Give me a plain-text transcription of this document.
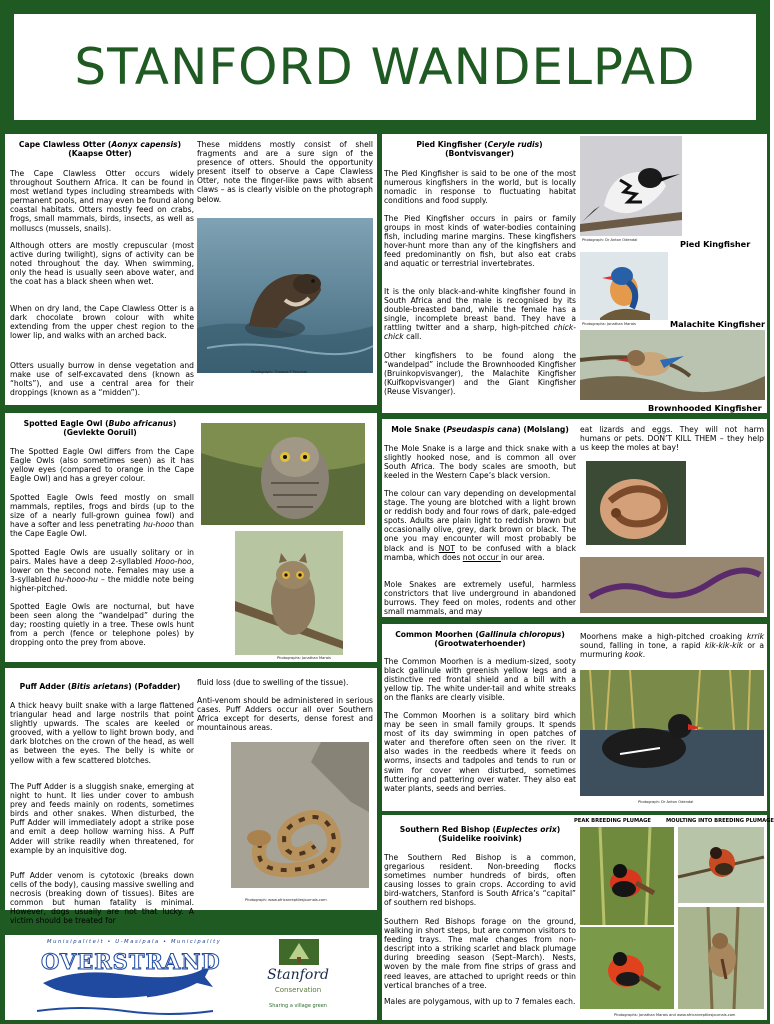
STANFORD WANDELPAD
Cape Clawless Otter (Aonyx capensis)
(Kaapse Otter)

The Cape Clawless Otter occurs widely throughout Southern Africa. It can be found in most wetland types including streambeds with permanent pools, and may even be found along coastal habitats. Otters mostly feed on crabs, frogs, small mammals, birds, insects, as well as molluscs (mussels, snails).

Although otters are mostly crepuscular (most active during twilight), signs of activity can be noted throughout the day. When swimming, only the head is usually seen above water, and the coat has a black sheen when wet.

When on dry land, the Cape Clawless Otter is a dark chocolate brown colour with white extending from the upper chest region to the lower lip, and walks with an arched back.

Otters usually burrow in dense vegetation and make use of self-excavated dens (known as “holts”), and use a central area for their droppings (known as a “midden”).

These middens mostly consist of shell fragments and are a sure sign of the presence of otters. Should the opportunity present itself to observe a Cape Clawless Otter, note the finger-like paws with absent claws – as is clearly visible on the photograph below.

Photograph: Thomas P Peschak
Pied Kingfisher (Ceryle rudis)
(Bontvisvanger)

The Pied Kingfisher is said to be one of the most numerous kingfishers in the world, but is locally nomadic in response to fluctuating habitat conditions and food supply.

The Pied Kingfisher occurs in pairs or family groups in most kinds of water-bodies containing fish, including marine margins. These kingfishers hover-hunt more than any of the kingfishers and feed predominantly on fish, but also eat crabs and aquatic or terrestrial invertebrates.

It is the only black-and-white kingfisher found in South Africa and the male is recognised by its double-breasted band, while the female has a single, incomplete breast band. They have a rattling twitter and a sharp, high-pitched chick-chick call.

Other kingfishers to be found along the “wandelpad” include the Brownhooded Kingfisher (Bruinkopvisvanger), the Malachite Kingfisher (Kuifkopvisvanger) and the Giant Kingfisher (Reuse Visvanger).

Photograph: Dr Anton Odendal	Pied Kingfisher
Photographs: Jonathan Marais	Malachite Kingfisher
Brownhooded Kingfisher
Spotted Eagle Owl (Bubo africanus)
(Gevlekte Ooruil)

The Spotted Eagle Owl differs from the Cape Eagle Owls (also sometimes seen) as it has yellow eyes (compared to orange in the Cape Eagle Owl) and has a greyer colour.

Spotted Eagle Owls feed mostly on small mammals, reptiles, frogs and birds (up to the size of a nearly full-grown guinea fowl) and have a softer and less penetrating hu-hooo than the Cape Eagle Owl.

Spotted Eagle Owls are usually solitary or in pairs. Males have a deep 2-syllabled Hooo-hoo, lower on the second note. Females may use a 3-syllabled hu-hooo-hu – the middle note being higher-pitched.

Spotted Eagle Owls are nocturnal, but have been seen along the “wandelpad” during the day; roosting quietly in a tree. These owls hunt from a perch (fence or telephone poles) by dropping onto the prey from above.

Photographs: Jonathan Marais
Mole Snake (Pseudaspis cana) (Molslang)

The Mole Snake is a large and thick snake with a slightly hooked nose, and is common all over South Africa. The body scales are smooth, but keeled in the Western Cape’s black version.

The colour can vary depending on developmental stage. The young are blotched with a light brown or reddish body and four rows of dark, pale-edged spots. Adults are plain light to reddish brown but occasionally olive, grey, dark brown or black. The one you may encounter will most probably be black and is NOT to be confused with a black mamba, which does not occur in our area.

Mole Snakes are extremely useful, harmless constrictors that live underground in abandoned burrows. They feed on moles, rodents and other small mammals, and may

eat lizards and eggs. They will not harm humans or pets. DON’T KILL THEM – they help us keep the moles at bay!

Common Moorhen (Gallinula chloropus)
(Grootwaterhoender)

The Common Moorhen is a medium-sized, sooty black gallinule with greenish yellow legs and a distinctive red frontal shield and a bill with a yellow tip. The white under-tail and white streaks on the flanks are clearly visible.

The Common Moorhen is a solitary bird which may be seen in small family groups. It spends most of its day swimming in open patches of water and therefore often seen on the river. It also wades in the reedbeds where it feeds on worms, insects and tadpoles and tends to run or swim for cover when disturbed, sometimes fluttering and pattering over water. They also eat water plants, seeds and berries.

Moorhens make a high-pitched croaking krrik sound, falling in tone, a rapid kik-kik-kik or a murmuring kook.

Photograph: Dr Anton Odendal
Puff Adder (Bitis arietans) (Pofadder)

A thick heavy built snake with a large flattened triangular head and large nostrils that point slightly upwards. The scales are keeled or grooved, with a yellow to light brown body, and dark blotches on the crown of the head, as well as between the eyes. The belly is white or yellow with a few scattered blotches.

The Puff Adder is a sluggish snake, emerging at night to hunt. It lies under cover to ambush prey and feeds mainly on rodents, sometimes birds and other snakes. When disturbed, the Puff Adder will immediately adopt a strike pose and emit a deep hollow warning hiss. A Puff Adder will strike readily when threatened, for example by an inquisitive dog.

Puff Adder venom is cytotoxic (breaks down cells of the body), causing massive swelling and necrosis (breaking down of tissues). Bites are common but human fatality is minimal. However, dogs usually are not that lucky. A victim should be treated for

fluid loss (due to swelling of the tissue).

Anti-venom should be administered in serious cases. Puff Adders occur all over Southern Africa except for deserts, dense forest and mountainous areas.

Photograph: www.africanreptilesjournals.com
Southern Red Bishop (Euplectes orix)
(Suidelike rooivink)

The Southern Red Bishop is a common, gregarious resident. Non-breeding flocks sometimes number hundreds of birds, often causing losses to grain crops. According to avid bird-watchers, Stanford is South Africa’s “capital” of southern red bishops.

Southern Red Bishops forage on the ground, walking in short steps, but are common visitors to feeding trays. The male changes from non-descript into a striking scarlet and black plumage during breeding season (Sept–March). Nests, woven by the male from fine strips of grass and reed leaves, are attached to upright reeds or thin vertical branches of a tree.

Males are polygamous, with up to 7 females each.

PEAK BREEDING PLUMAGE	MOULTING INTO BREEDING PLUMAGE
Photographs: Jonathan Marais and www.africanreptilesjournals.com
Munisipaliteit • U-Masipala • Municipality
OVERSTRAND
Stanford
Conservation
Sharing a village green
